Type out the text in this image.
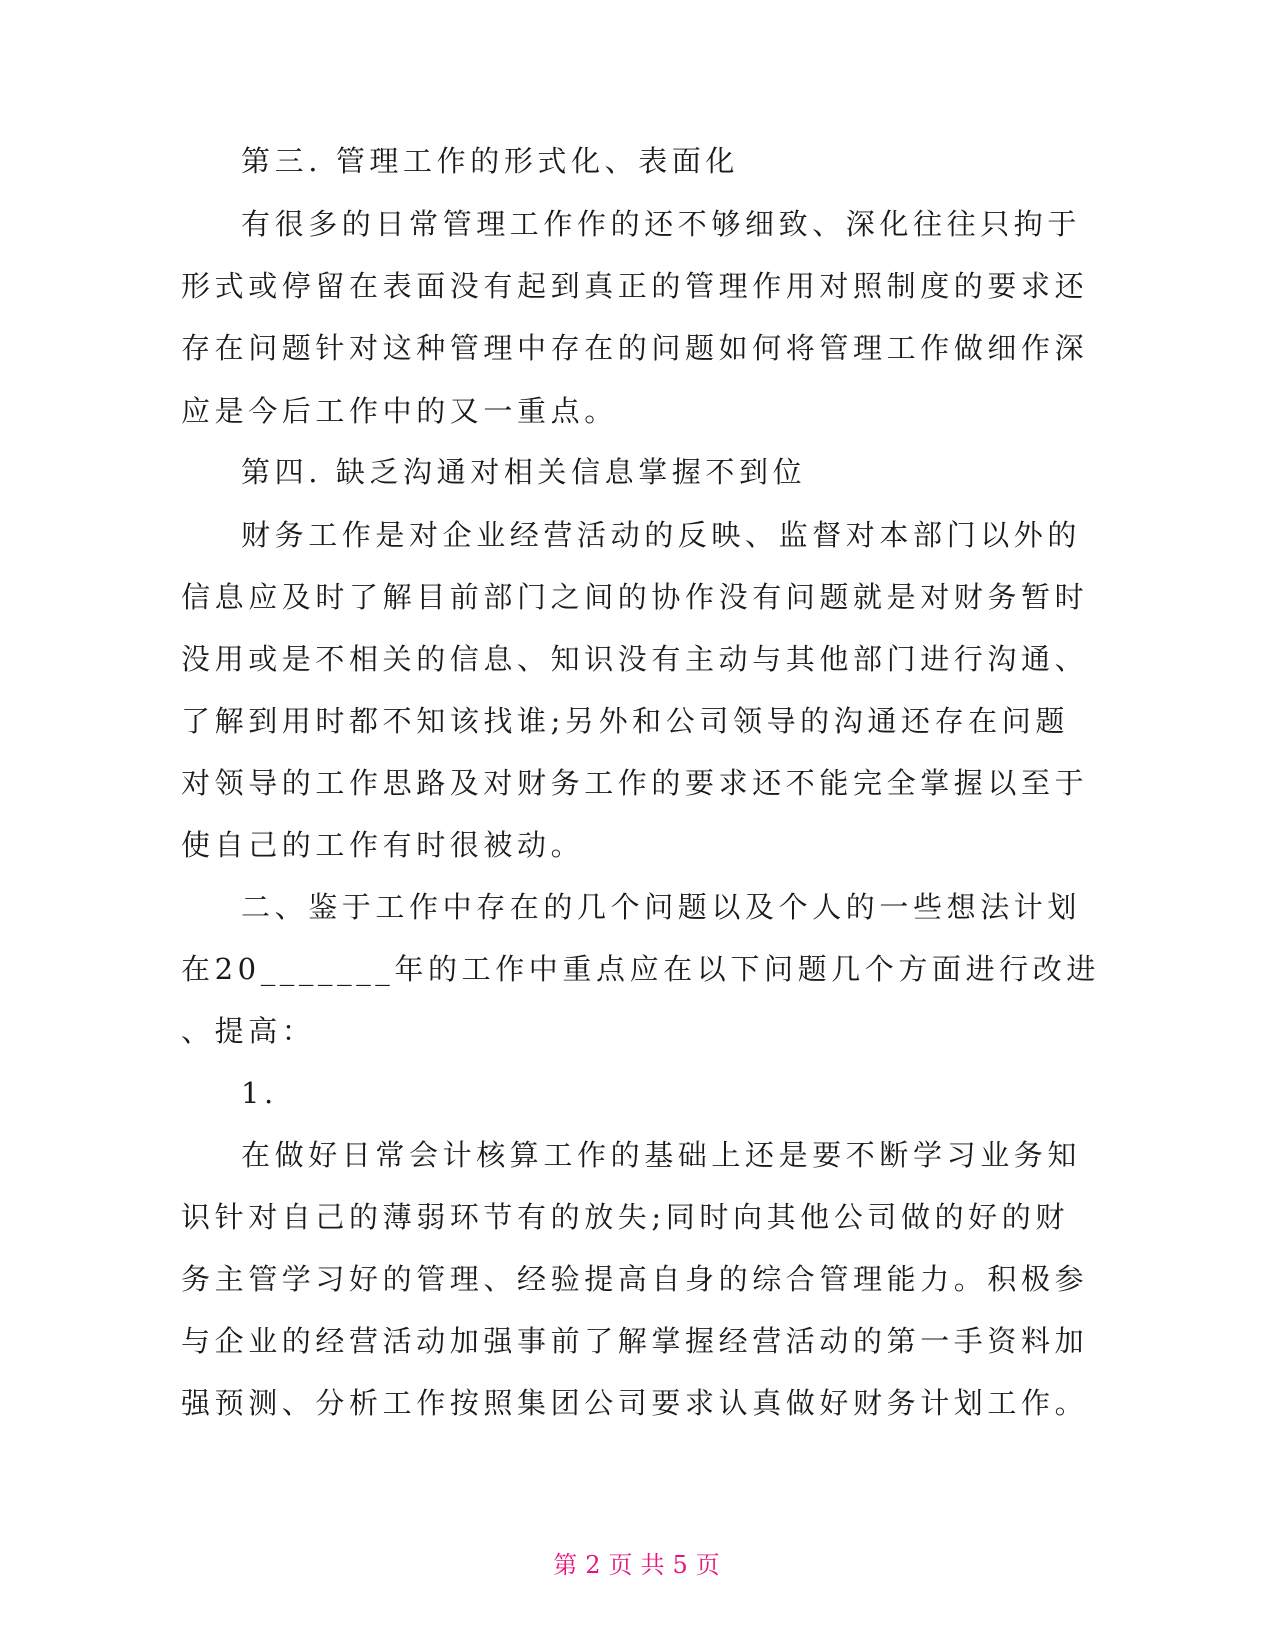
第三. 管理工作的形式化、表面化
有很多的日常管理工作作的还不够细致、深化往往只拘于
形式或停留在表面没有起到真正的管理作用对照制度的要求还
存在问题针对这种管理中存在的问题如何将管理工作做细作深
应是今后工作中的又一重点。
第四. 缺乏沟通对相关信息掌握不到位
财务工作是对企业经营活动的反映、监督对本部门以外的
信息应及时了解目前部门之间的协作没有问题就是对财务暂时
没用或是不相关的信息、知识没有主动与其他部门进行沟通、
了解到用时都不知该找谁;另外和公司领导的沟通还存在问题
对领导的工作思路及对财务工作的要求还不能完全掌握以至于
使自己的工作有时很被动。
二、鉴于工作中存在的几个问题以及个人的一些想法计划
在20_______年的工作中重点应在以下问题几个方面进行改进
、提高：
1.
在做好日常会计核算工作的基础上还是要不断学习业务知
识针对自己的薄弱环节有的放失;同时向其他公司做的好的财
务主管学习好的管理、经验提高自身的综合管理能力。积极参
与企业的经营活动加强事前了解掌握经营活动的第一手资料加
强预测、分析工作按照集团公司要求认真做好财务计划工作。
第 2 页 共 5 页
